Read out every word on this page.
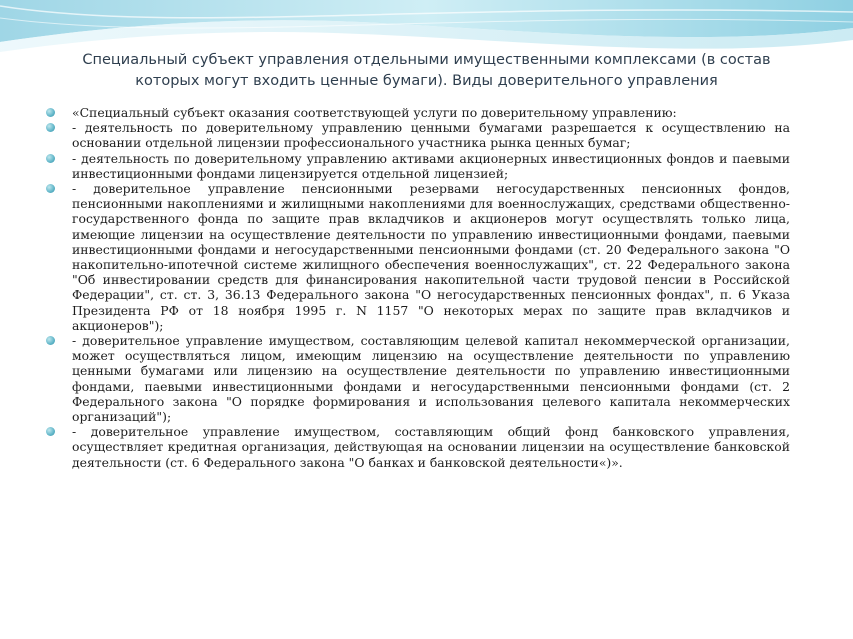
Специальный субъект управления отдельными имущественными комплексами (в состав
которых могут входить ценные бумаги). Виды доверительного управления
«Специальный субъект оказания соответствующей услуги по доверительному управлению:
- деятельность по доверительному управлению ценными бумагами разрешается к осуществлению на основании отдельной лицензии профессионального участника рынка ценных бумаг;
- деятельность по доверительному управлению активами акционерных инвестиционных фондов и паевыми инвестиционными фондами лицензируется отдельной лицензией;
- доверительное управление пенсионными резервами негосударственных пенсионных фондов, пенсионными накоплениями и жилищными накоплениями для военнослужащих, средствами общественно-государственного фонда по защите прав вкладчиков и акционеров могут осуществлять только лица, имеющие лицензии на осуществление деятельности по управлению инвестиционными фондами, паевыми инвестиционными фондами и негосударственными пенсионными фондами (ст. 20 Федерального закона "О накопительно-ипотечной системе жилищного обеспечения военнослужащих", ст. 22 Федерального закона "Об инвестировании средств для финансирования накопительной части трудовой пенсии в Российской Федерации", ст. ст. 3, 36.13 Федерального закона "О негосударственных пенсионных фондах", п. 6 Указа Президента РФ от 18 ноября 1995 г. N 1157 "О некоторых мерах по защите прав вкладчиков и акционеров");
- доверительное управление имуществом, составляющим целевой капитал некоммерческой организации, может осуществляться лицом, имеющим лицензию на осуществление деятельности по управлению ценными бумагами или лицензию на осуществление деятельности по управлению инвестиционными фондами, паевыми инвестиционными фондами и негосударственными пенсионными фондами (ст. 2 Федерального закона "О порядке формирования и использования целевого капитала некоммерческих организаций");
- доверительное управление имуществом, составляющим общий фонд банковского управления, осуществляет кредитная организация, действующая на основании лицензии на осуществление банковской деятельности (ст. 6 Федерального закона "О банках и банковской деятельности«)».
